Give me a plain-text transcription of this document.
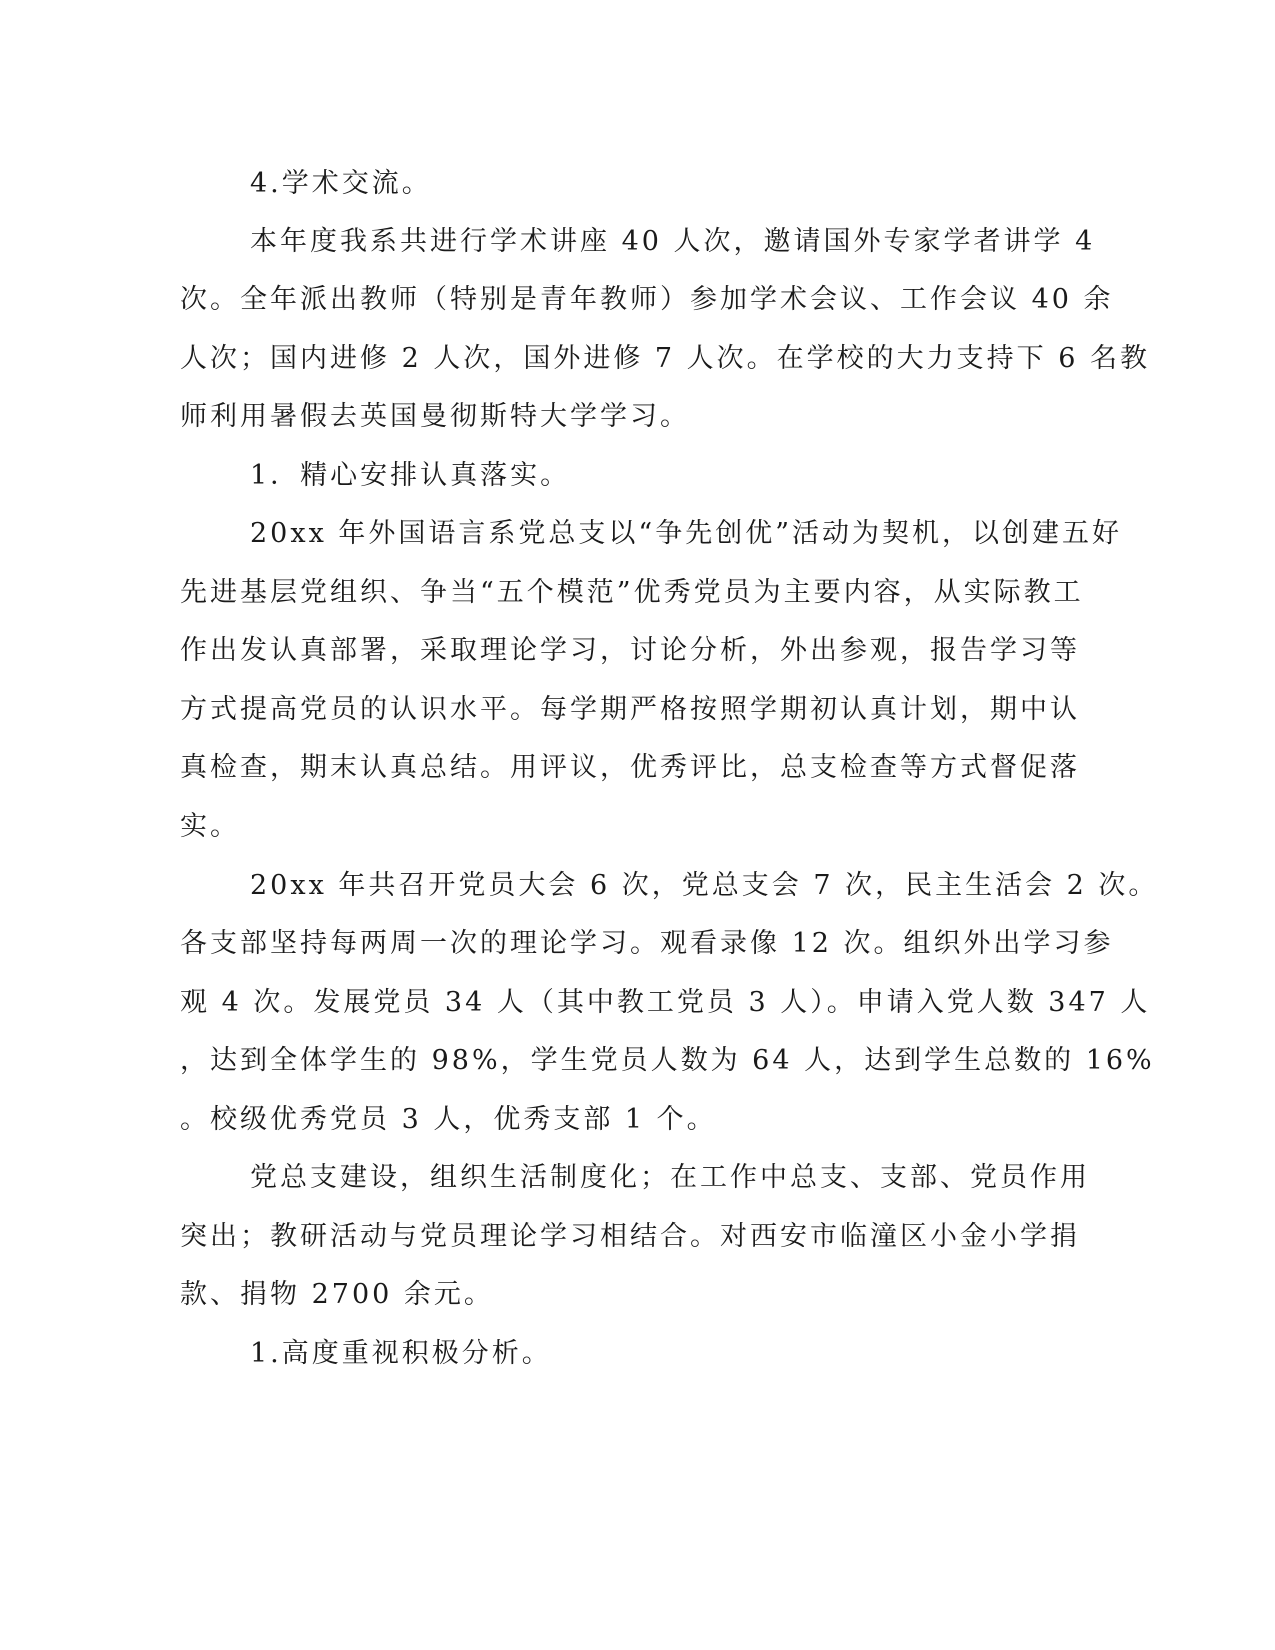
4.学术交流。

本年度我系共进行学术讲座 40 人次，邀请国外专家学者讲学 4

次。全年派出教师（特别是青年教师）参加学术会议、工作会议 40 余

人次；国内进修 2 人次，国外进修 7 人次。在学校的大力支持下 6 名教

师利用暑假去英国曼彻斯特大学学习。

1．精心安排认真落实。

20xx 年外国语言系党总支以“争先创优”活动为契机，以创建五好

先进基层党组织、争当“五个模范”优秀党员为主要内容，从实际教工

作出发认真部署，采取理论学习，讨论分析，外出参观，报告学习等

方式提高党员的认识水平。每学期严格按照学期初认真计划，期中认

真检查，期末认真总结。用评议，优秀评比，总支检查等方式督促落

实。

20xx 年共召开党员大会 6 次，党总支会 7 次，民主生活会 2 次。

各支部坚持每两周一次的理论学习。观看录像 12 次。组织外出学习参

观 4 次。发展党员 34 人（其中教工党员 3 人）。申请入党人数 347 人

，达到全体学生的 98%，学生党员人数为 64 人，达到学生总数的 16%

。校级优秀党员 3 人，优秀支部 1 个。

党总支建设，组织生活制度化；在工作中总支、支部、党员作用

突出；教研活动与党员理论学习相结合。对西安市临潼区小金小学捐

款、捐物 2700 余元。

1.高度重视积极分析。
